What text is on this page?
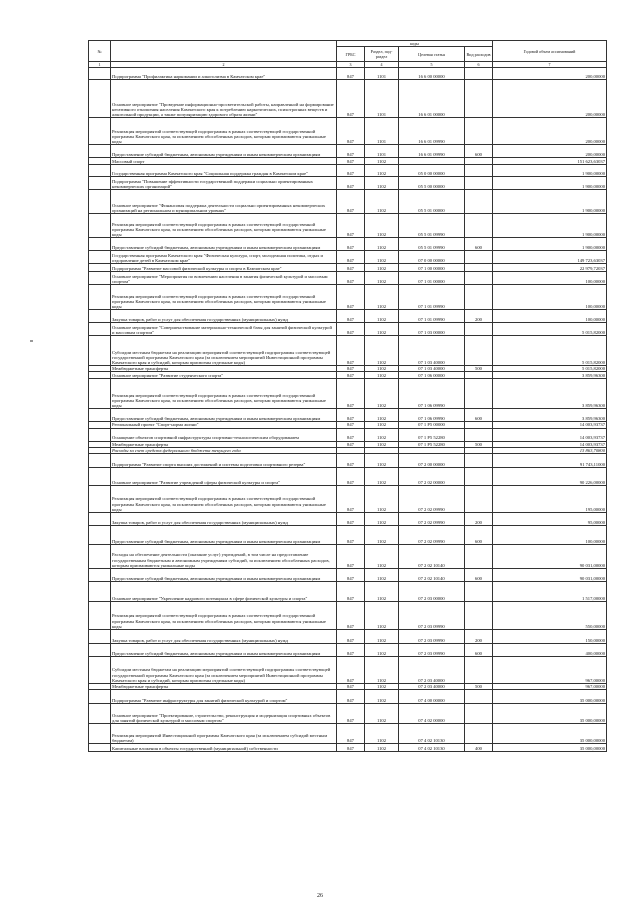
№		коды				Годовой объем ассигнований
		ГРБС	Раздел, под-раздел	Целевая статья	Вид расходов	
1	2	3	4	5	6	7
	Подпрограмма "Профилактика наркомании и алкоголизма в Камчатском крае"	847	1101	16 6 00 00000		200,00000
	Основное мероприятие "Проведение информационно-просветительской работы, направленной на формирование негативного отношения населения Камчатского края к потреблению наркотических, психотропных веществ и алкогольной продукции, а также популяризацию здорового образа жизни"	847	1101	16 6 01 00000		200,00000
	Реализация мероприятий соответствующей подпрограммы в рамках соответствующей государственной программы Камчатского края, за исключением обособленных расходов, которым присваиваются уникальные коды	847	1101	16 6 01 09990		200,00000
	Предоставление субсидий бюджетным, автономным учреждениям и иным некоммерческим организациям	847	1101	16 6 01 09990	600	200,00000
	Массовый спорт	847	1102			151 623,63037
	Государственная программа Камчатского края "Социальная поддержка граждан в Камчатском крае"	847	1102	05 0 00 00000		1 900,00000
	Подпрограмма "Повышение эффективности государственной поддержки социально ориентированных некоммерческих организаций"	847	1102	05 5 00 00000		1 900,00000
	Основное мероприятие "Финансовая поддержка деятельности социально ориентированных некоммерческих организаций на региональном и муниципальном уровнях"	847	1102	05 5 01 00000		1 900,00000
	Реализация мероприятий соответствующей подпрограммы в рамках соответствующей государственной программы Камчатского края, за исключением обособленных расходов, которым присваиваются уникальные коды	847	1102	05 5 01 09990		1 900,00000
	Предоставление субсидий бюджетным, автономным учреждениям и иным некоммерческим организациям	847	1102	05 5 01 09990	600	1 900,00000
	Государственная программа Камчатского края "Физическая культура, спорт, молодежная политика, отдых и оздоровление детей в Камчатском крае"	847	1102	07 0 00 00000		149 723,63037
	Подпрограмма "Развитие массовой физической культуры и спорта в Камчатском крае"	847	1102	07 1 00 00000		22 979,72037
	Основное мероприятие "Мероприятия по вовлечению населения в занятия физической культурой и массовым спортом"	847	1102	07 1 01 00000		100,00000
	Реализация мероприятий соответствующей подпрограммы в рамках соответствующей государственной программы Камчатского края, за исключением обособленных расходов, которым присваиваются уникальные коды	847	1102	07 1 01 09990		100,00000
	Закупка товаров, работ и услуг для обеспечения государственных (муниципальных) нужд	847	1102	07 1 01 09990	200	100,00000
	Основное мероприятие "Совершенствование материально-технической базы для занятий физической культурой и массовым спортом"	847	1102	07 1 03 00000		5 015,82000
	Субсидии местным бюджетам на реализацию мероприятий соответствующей подпрограммы соответствующей государственной программы Камчатского края (за исключением мероприятий Инвестиционной программы Камчатского края и субсидий, которым присвоены отдельные коды)	847	1102	07 1 03 40000		5 015,82000
	Межбюджетные трансферты	847	1102	07 1 03 40000	500	5 015,82000
	Основное мероприятие "Развитие студенческого спорта"	847	1102	07 1 06 00000		3 859,96300
	Реализация мероприятий соответствующей подпрограммы в рамках соответствующей государственной программы Камчатского края, за исключением обособленных расходов, которым присваиваются уникальные коды	847	1102	07 1 06 09990		3 859,96300
	Предоставление субсидий бюджетным, автономным учреждениям и иным некоммерческим организациям	847	1102	07 1 06 09990	600	3 859,96300
	Региональный проект "Спорт-норма жизни"	847	1102	07 1 P5 00000		14 003,93737
	Оснащение объектов спортивной инфраструктуры спортивно-технологическим оборудованием	847	1102	07 1 P5 52280		14 003,93737
	Межбюджетные трансферты	847	1102	07 1 P5 52280	500	14 003,93737
	Расходы за счет средств федерального бюджета текущего года					13 863,70800
	Подпрограмма "Развитие спорта высших достижений и системы подготовки спортивного резерва"	847	1102	07 2 00 00000		91 743,11000
	Основное мероприятие "Развитие учреждений сферы физической культуры и спорта"	847	1102	07 2 02 00000		90 226,00000
	Реализация мероприятий соответствующей подпрограммы в рамках соответствующей государственной программы Камчатского края, за исключением обособленных расходов, которым присваиваются уникальные коды	847	1102	07 2 02 09990		195,00000
	Закупка товаров, работ и услуг для обеспечения государственных (муниципальных) нужд	847	1102	07 2 02 09990	200	95,00000
	Предоставление субсидий бюджетным, автономным учреждениям и иным некоммерческим организациям	847	1102	07 2 02 09990	600	100,00000
	Расходы на обеспечение деятельности (оказание услуг) учреждений, в том числе на предоставление государственным бюджетным и автономным учреждениям субсидий, за исключением обособленных расходов, которым присваиваются уникальные коды	847	1102	07 2 02 10140		90 031,00000
	Предоставление субсидий бюджетным, автономным учреждениям и иным некоммерческим организациям	847	1102	07 2 02 10140	600	90 031,00000
	Основное мероприятие "Укрепление кадрового потенциала в сфере физической культуры и спорта"	847	1102	07 2 03 00000		1 517,00000
	Реализация мероприятий соответствующей подпрограммы в рамках соответствующей государственной программы Камчатского края, за исключением обособленных расходов, которым присваиваются уникальные коды	847	1102	07 2 03 09990		550,00000
	Закупка товаров, работ и услуг для обеспечения государственных (муниципальных) нужд	847	1102	07 2 03 09990	200	150,00000
	Предоставление субсидий бюджетным, автономным учреждениям и иным некоммерческим организациям	847	1102	07 2 03 09990	600	400,00000
	Субсидии местным бюджетам на реализацию мероприятий соответствующей подпрограммы соответствующей государственной программы Камчатского края (за исключением мероприятий Инвестиционной программы Камчатского края и субсидий, которым присвоены отдельные коды)	847	1102	07 2 03 40000		967,00000
	Межбюджетные трансферты	847	1102	07 2 03 40000	500	967,00000
	Подпрограмма "Развитие инфраструктуры для занятий физической культурой и спортом"	847	1102	07 4 00 00000		35 000,00000
	Основное мероприятие "Проектирование, строительство, реконструкция и модернизация спортивных объектов для занятий физической культурой и массовым спортом"	847	1102	07 4 02 00000		35 000,00000
	Реализация мероприятий Инвестиционной программы Камчатского края (за исключением субсидий местным бюджетам)	847	1102	07 4 02 10130		35 000,00000
	Капитальные вложения в объекты государственной (муниципальной) собственности	847	1102	07 4 02 10130	400	35 000,00000
26
